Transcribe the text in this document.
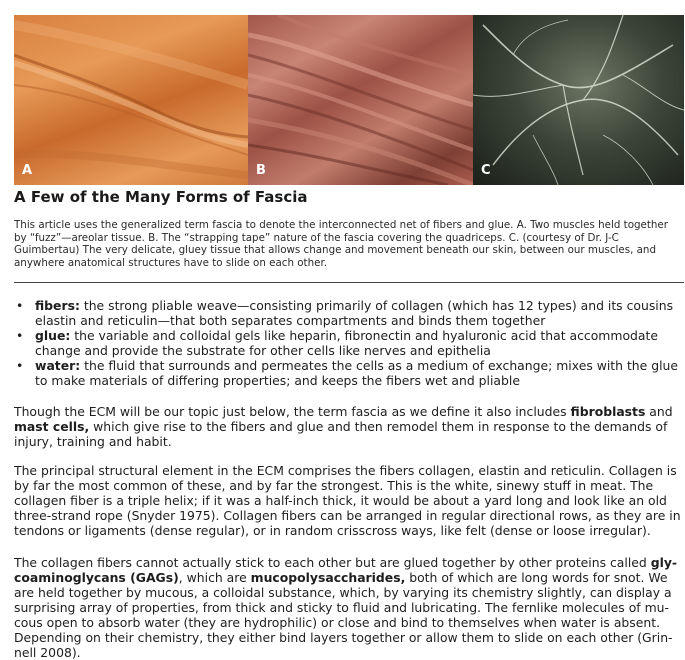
A	B	C
A Few of the Many Forms of Fascia
This article uses the generalized term fascia to denote the interconnected net of fibers and glue. A. Two muscles held together by “fuzz”—areolar tissue. B. The “strapping tape” nature of the fascia covering the quadriceps. C. (courtesy of Dr. J-C Guimbertau) The very delicate, gluey tissue that allows change and movement beneath our skin, between our muscles, and anywhere anatomical structures have to slide on each other.
• fibers: the strong pliable weave—consisting primarily of collagen (which has 12 types) and its cousins elastin and reticulin—that both separates compartments and binds them together
• glue: the variable and colloidal gels like heparin, fibronectin and hyaluronic acid that accommodate change and provide the substrate for other cells like nerves and epithelia
• water: the fluid that surrounds and permeates the cells as a medium of exchange; mixes with the glue to make materials of differing properties; and keeps the fibers wet and pliable

Though the ECM will be our topic just below, the term fascia as we define it also includes fibroblasts and mast cells, which give rise to the fibers and glue and then remodel them in response to the demands of injury, training and habit.

The principal structural element in the ECM comprises the fibers collagen, elastin and reticulin. Collagen is by far the most common of these, and by far the strongest. This is the white, sinewy stuff in meat. The collagen fiber is a triple helix; if it was a half-inch thick, it would be about a yard long and look like an old three-strand rope (Snyder 1975). Collagen fibers can be arranged in regular directional rows, as they are in tendons or ligaments (dense regular), or in random crisscross ways, like felt (dense or loose irregular).

The collagen fibers cannot actually stick to each other but are glued together by other proteins called gly-coaminoglycans (GAGs), which are mucopolysaccharides, both of which are long words for snot. We are held together by mucous, a colloidal substance, which, by varying its chemistry slightly, can display a surprising array of properties, from thick and sticky to fluid and lubricating. The fernlike molecules of mu-cous open to absorb water (they are hydrophilic) or close and bind to themselves when water is absent. Depending on their chemistry, they either bind layers together or allow them to slide on each other (Grin-nell 2008).
